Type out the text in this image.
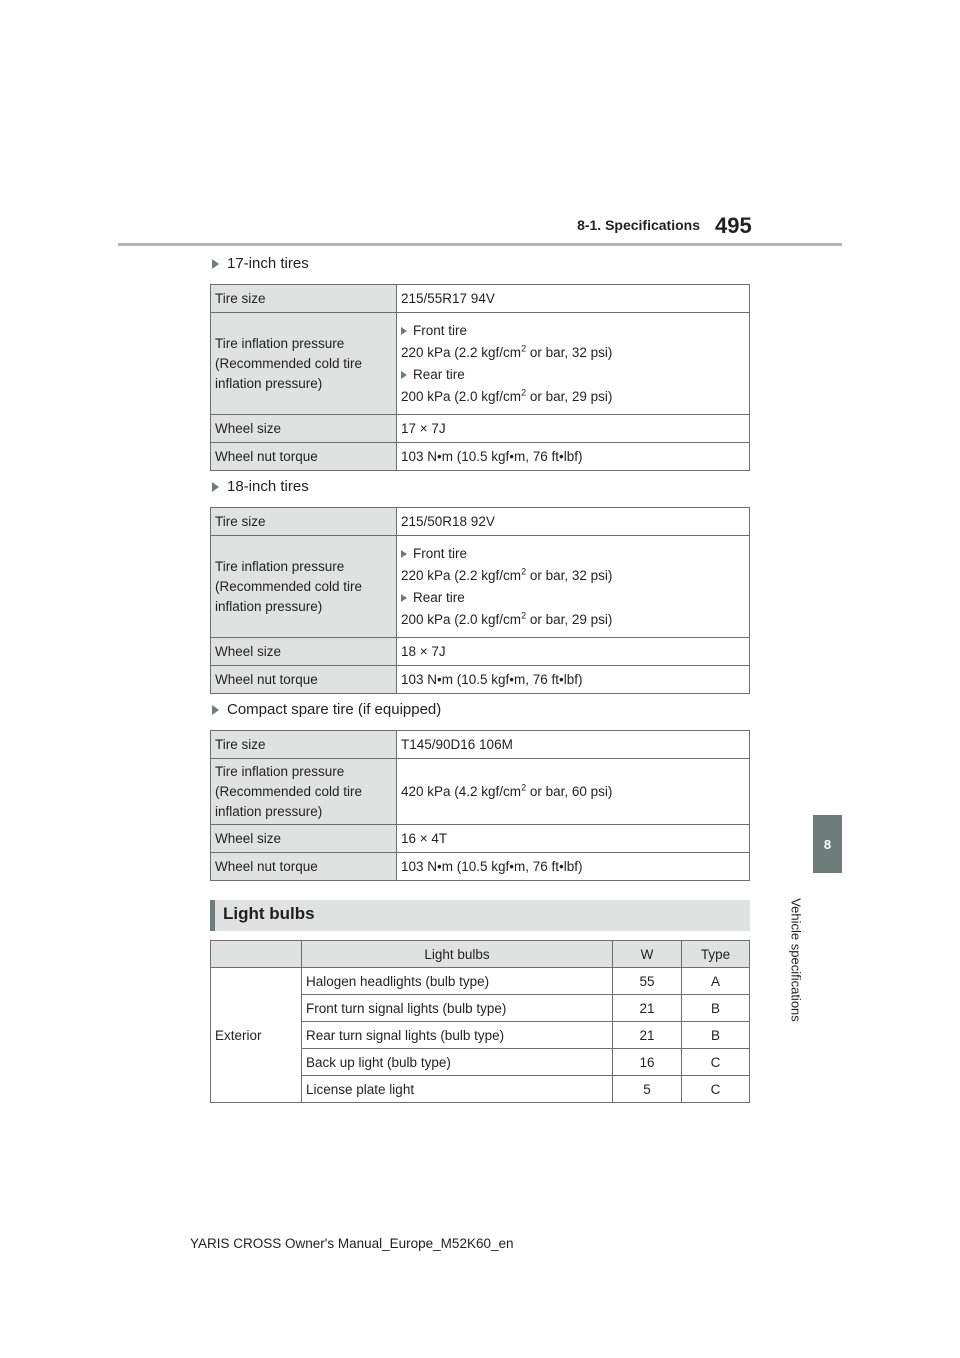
8-1. Specifications 495
8
Vehicle specifications
17-inch tires
Tire size	215/55R17 94V
Tire inflation pressure (Recommended cold tire inflation pressure)	Front tire
220 kPa (2.2 kgf/$cm^2$ or bar, 32 psi)
Rear tire
200 kPa (2.0 kgf/$cm^2$ or bar, 29 psi)

Wheel size	17 × 7J
Wheel nut torque	103 N•m (10.5 kgf•m, 76 ft•lbf)
18-inch tires
Tire size	215/50R18 92V
Tire inflation pressure (Recommended cold tire inflation pressure)	Front tire
220 kPa (2.2 kgf/$cm^2$ or bar, 32 psi)
Rear tire
200 kPa (2.0 kgf/$cm^2$ or bar, 29 psi)

Wheel size	18 × 7J
Wheel nut torque	103 N•m (10.5 kgf•m, 76 ft•lbf)
Compact spare tire (if equipped)
Tire size	T145/90D16 106M
Tire inflation pressure (Recommended cold tire inflation pressure)	420 kPa (4.2 kgf/$cm^2$ or bar, 60 psi)
Wheel size	16 × 4T
Wheel nut torque	103 N•m (10.5 kgf•m, 76 ft•lbf)
Light bulbs
	Light bulbs	W	Type
Exterior	Halogen headlights (bulb type)	55	A
	Front turn signal lights (bulb type)	21	B
	Rear turn signal lights (bulb type)	21	B
	Back up light (bulb type)	16	C
	License plate light	5	C
YARIS CROSS Owner's Manual_Europe_M52K60_en
